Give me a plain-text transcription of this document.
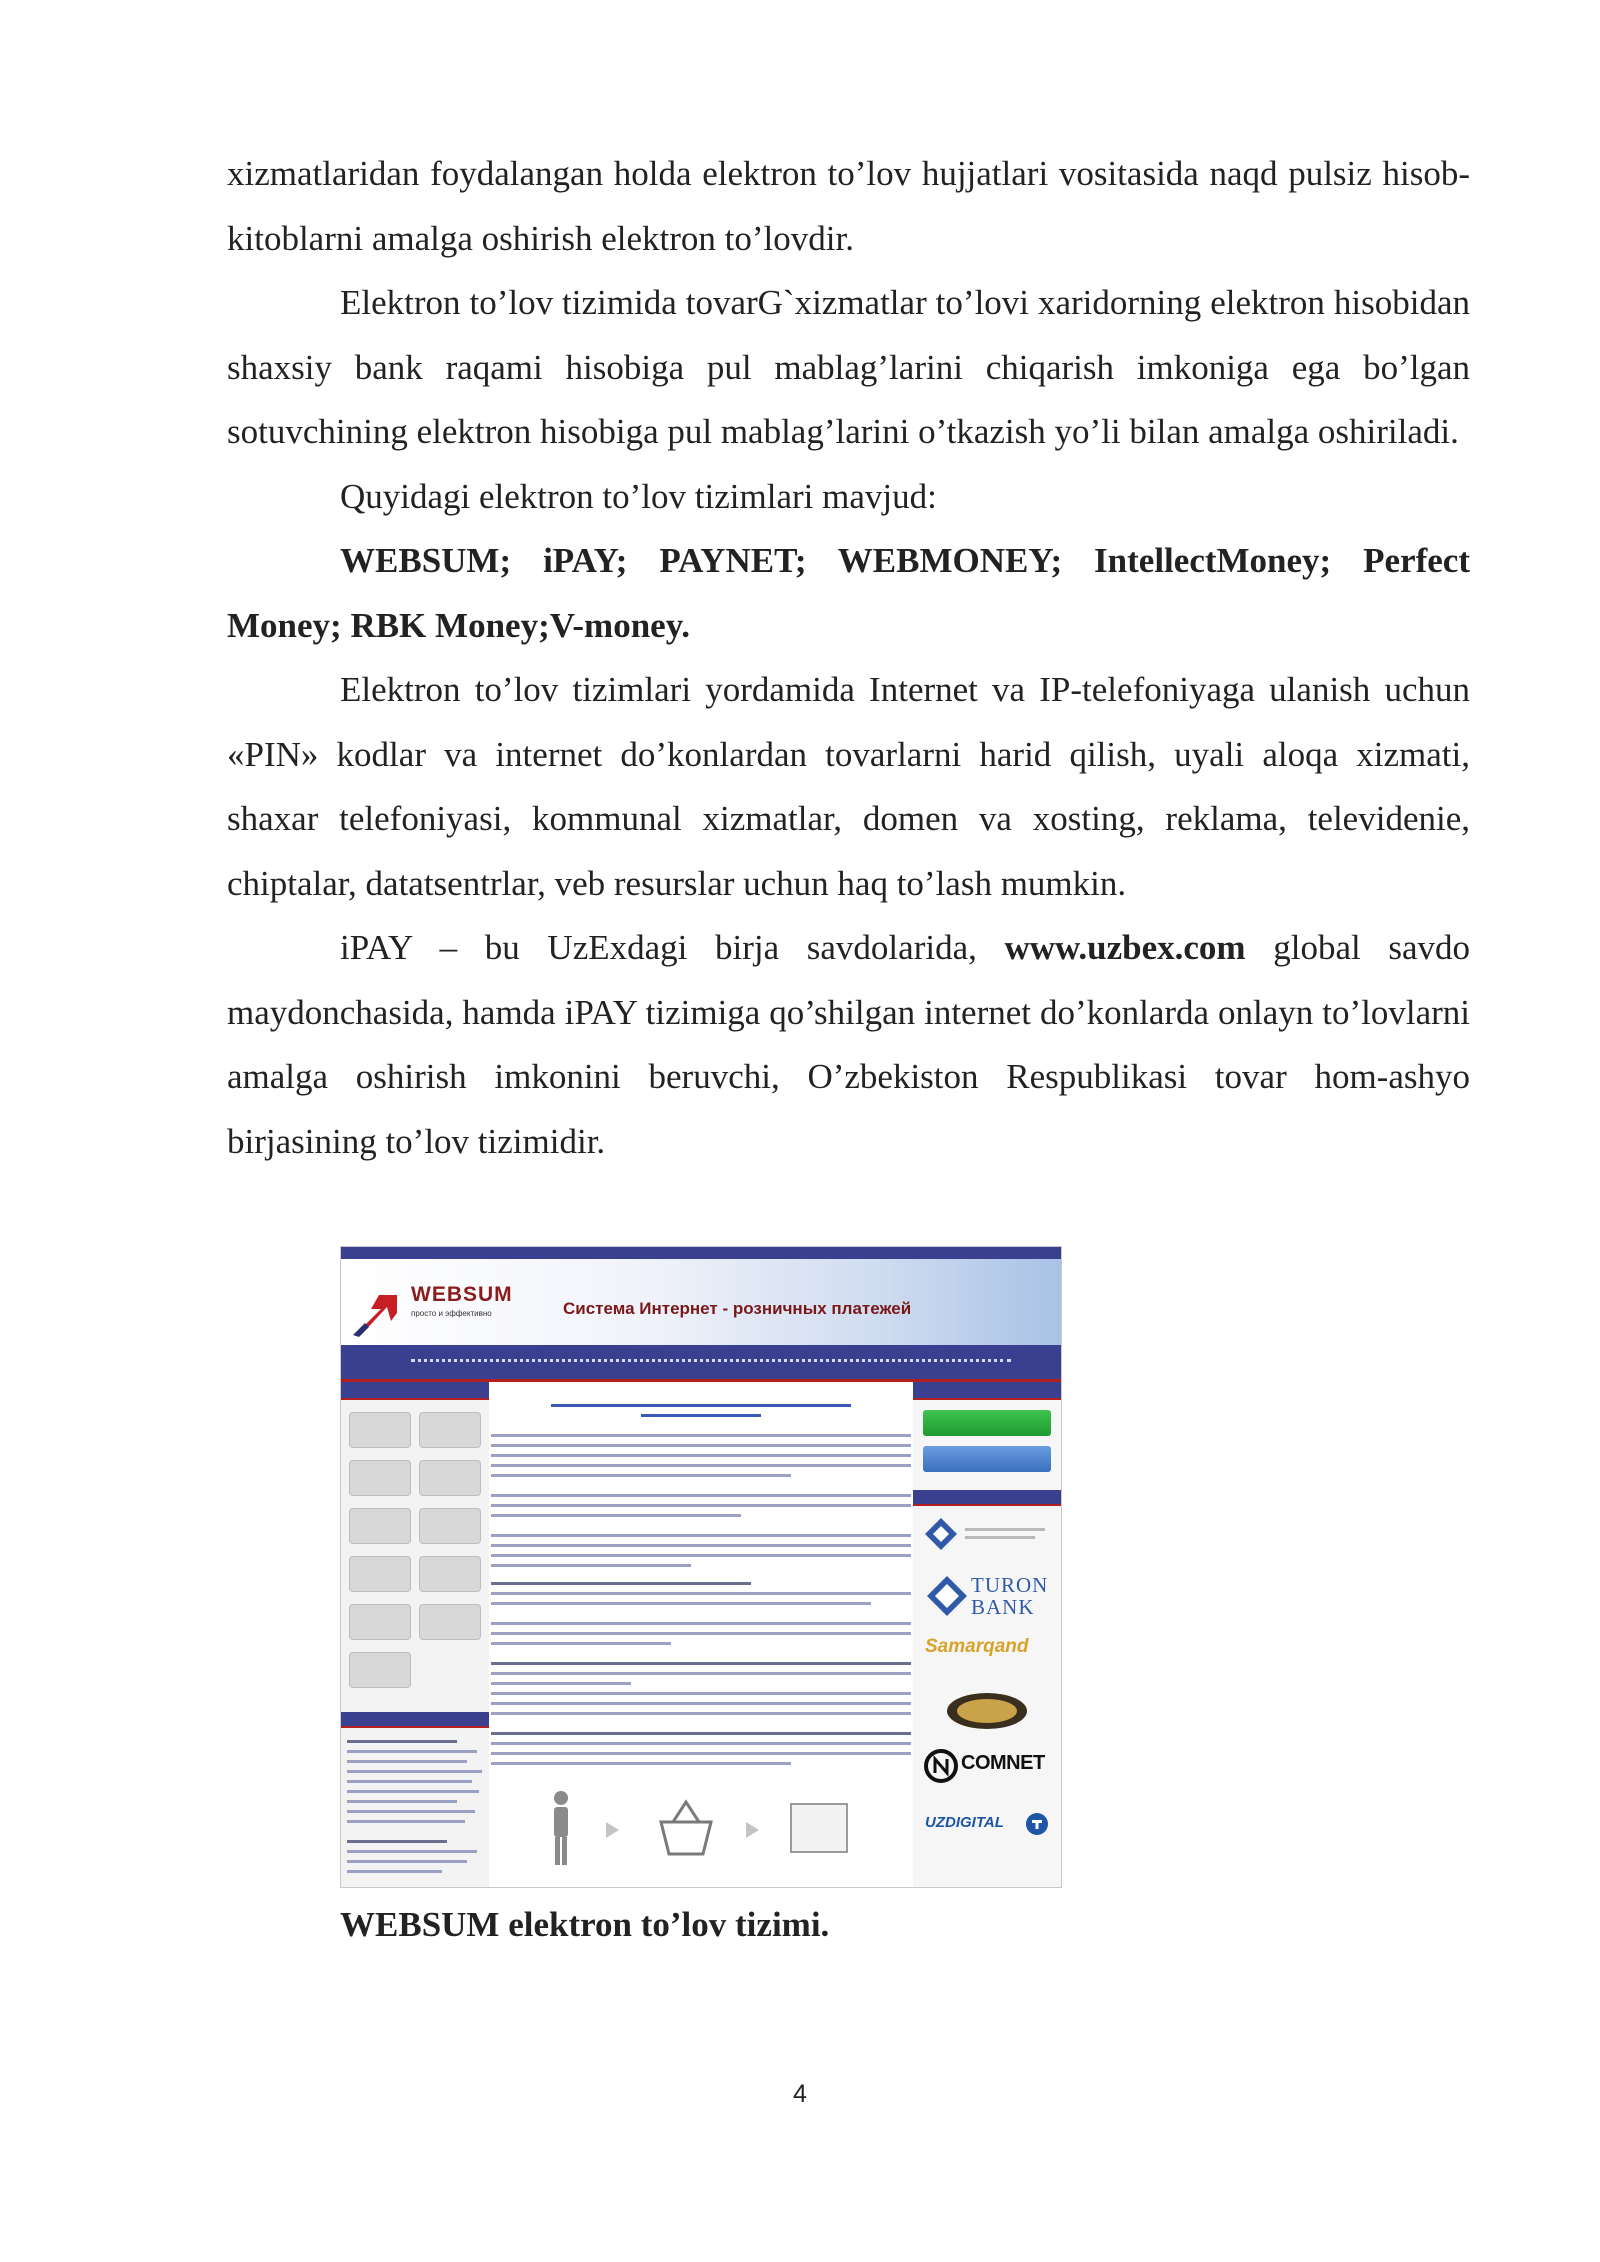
xizmatlaridan foydalangan holda elektron to’lov hujjatlari vositasida naqd pulsiz hisob-kitoblarni amalga oshirish elektron to’lovdir.

Elektron to’lov tizimida tovarG`xizmatlar to’lovi xaridorning elektron hisobidan shaxsiy bank raqami hisobiga pul mablag’larini chiqarish imkoniga ega bo’lgan sotuvchining elektron hisobiga pul mablag’larini o’tkazish yo’li bilan amalga oshiriladi.

Quyidagi elektron to’lov tizimlari mavjud:

WEBSUM; iPAY; PAYNET; WEBMONEY; IntellectMoney; Perfect Money; RBK Money;V-money.

Elektron to’lov tizimlari yordamida Internet va IP-telefoniyaga ulanish uchun «PIN» kodlar va internet do’konlardan tovarlarni harid qilish, uyali aloqa xizmati, shaxar telefoniyasi, kommunal xizmatlar, domen va xosting, reklama, televidenie, chiptalar, datatsentrlar, veb resurslar uchun haq to’lash mumkin.

iPAY – bu UzExdagi birja savdolarida, www.uzbex.com global savdo maydonchasida, hamda iPAY tizimiga qo’shilgan internet do’konlarda onlayn to’lovlarni amalga oshirish imkonini beruvchi, O’zbekiston Respublikasi tovar hom-ashyo birjasining to’lov tizimidir.

WEBSUM
просто и эффективно	Система Интернет - розничных платежей
TURON
BANK
Samarqand
COMNET
UZDIGITAL
WEBSUM elektron to’lov tizimi.
4
